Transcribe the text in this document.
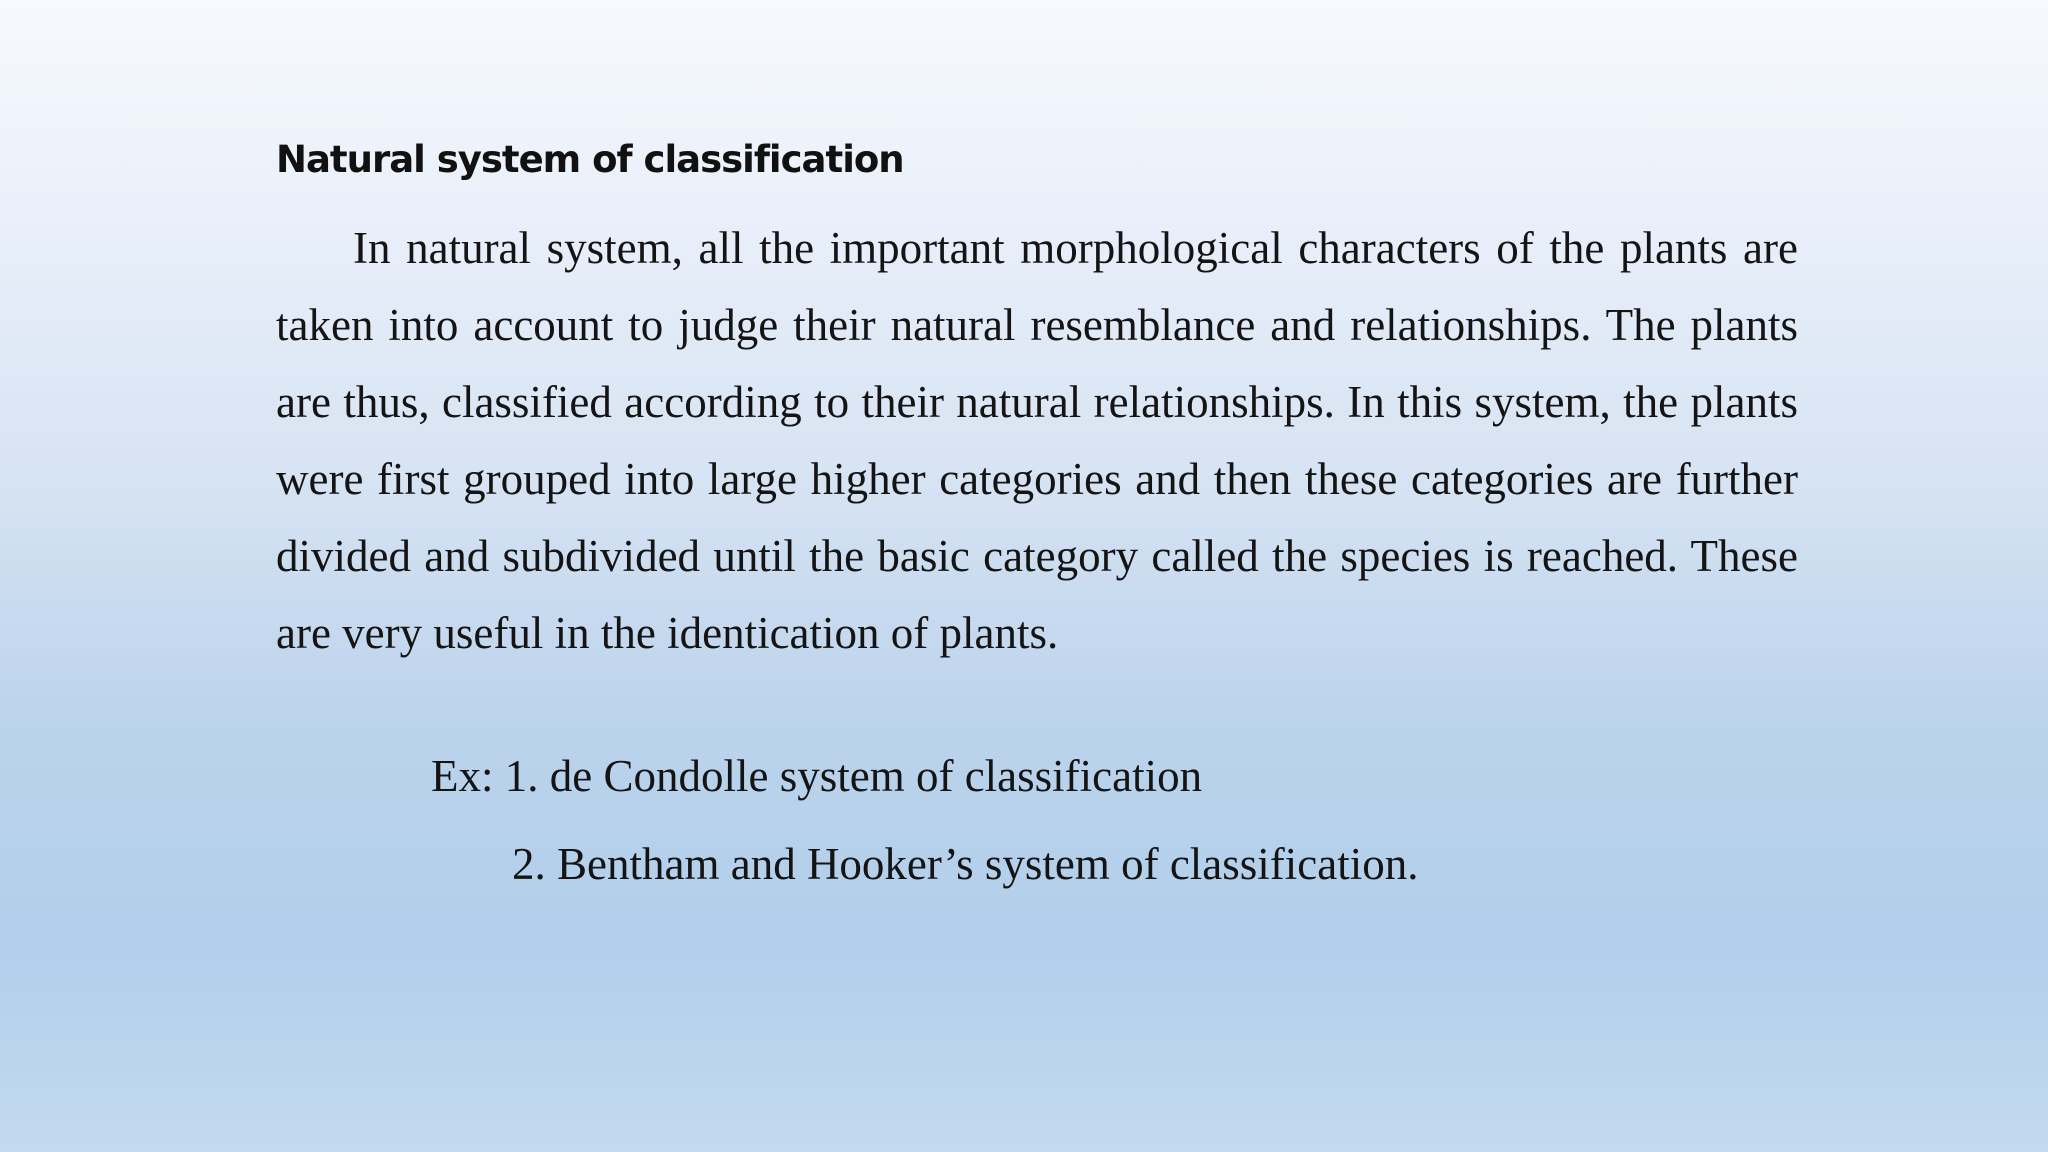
Natural system of classification

In natural system, all the important morphological characters of the plants are taken into account to judge their natural resemblance and relationships. The plants are thus, classified according to their natural relationships. In this system, the plants were first grouped into large higher categories and then these categories are further divided and subdivided until the basic category called the species is reached. These are very useful in the identication of plants.

Ex: 1. de Condolle system of classification
2. Bentham and Hooker’s system of classification.
